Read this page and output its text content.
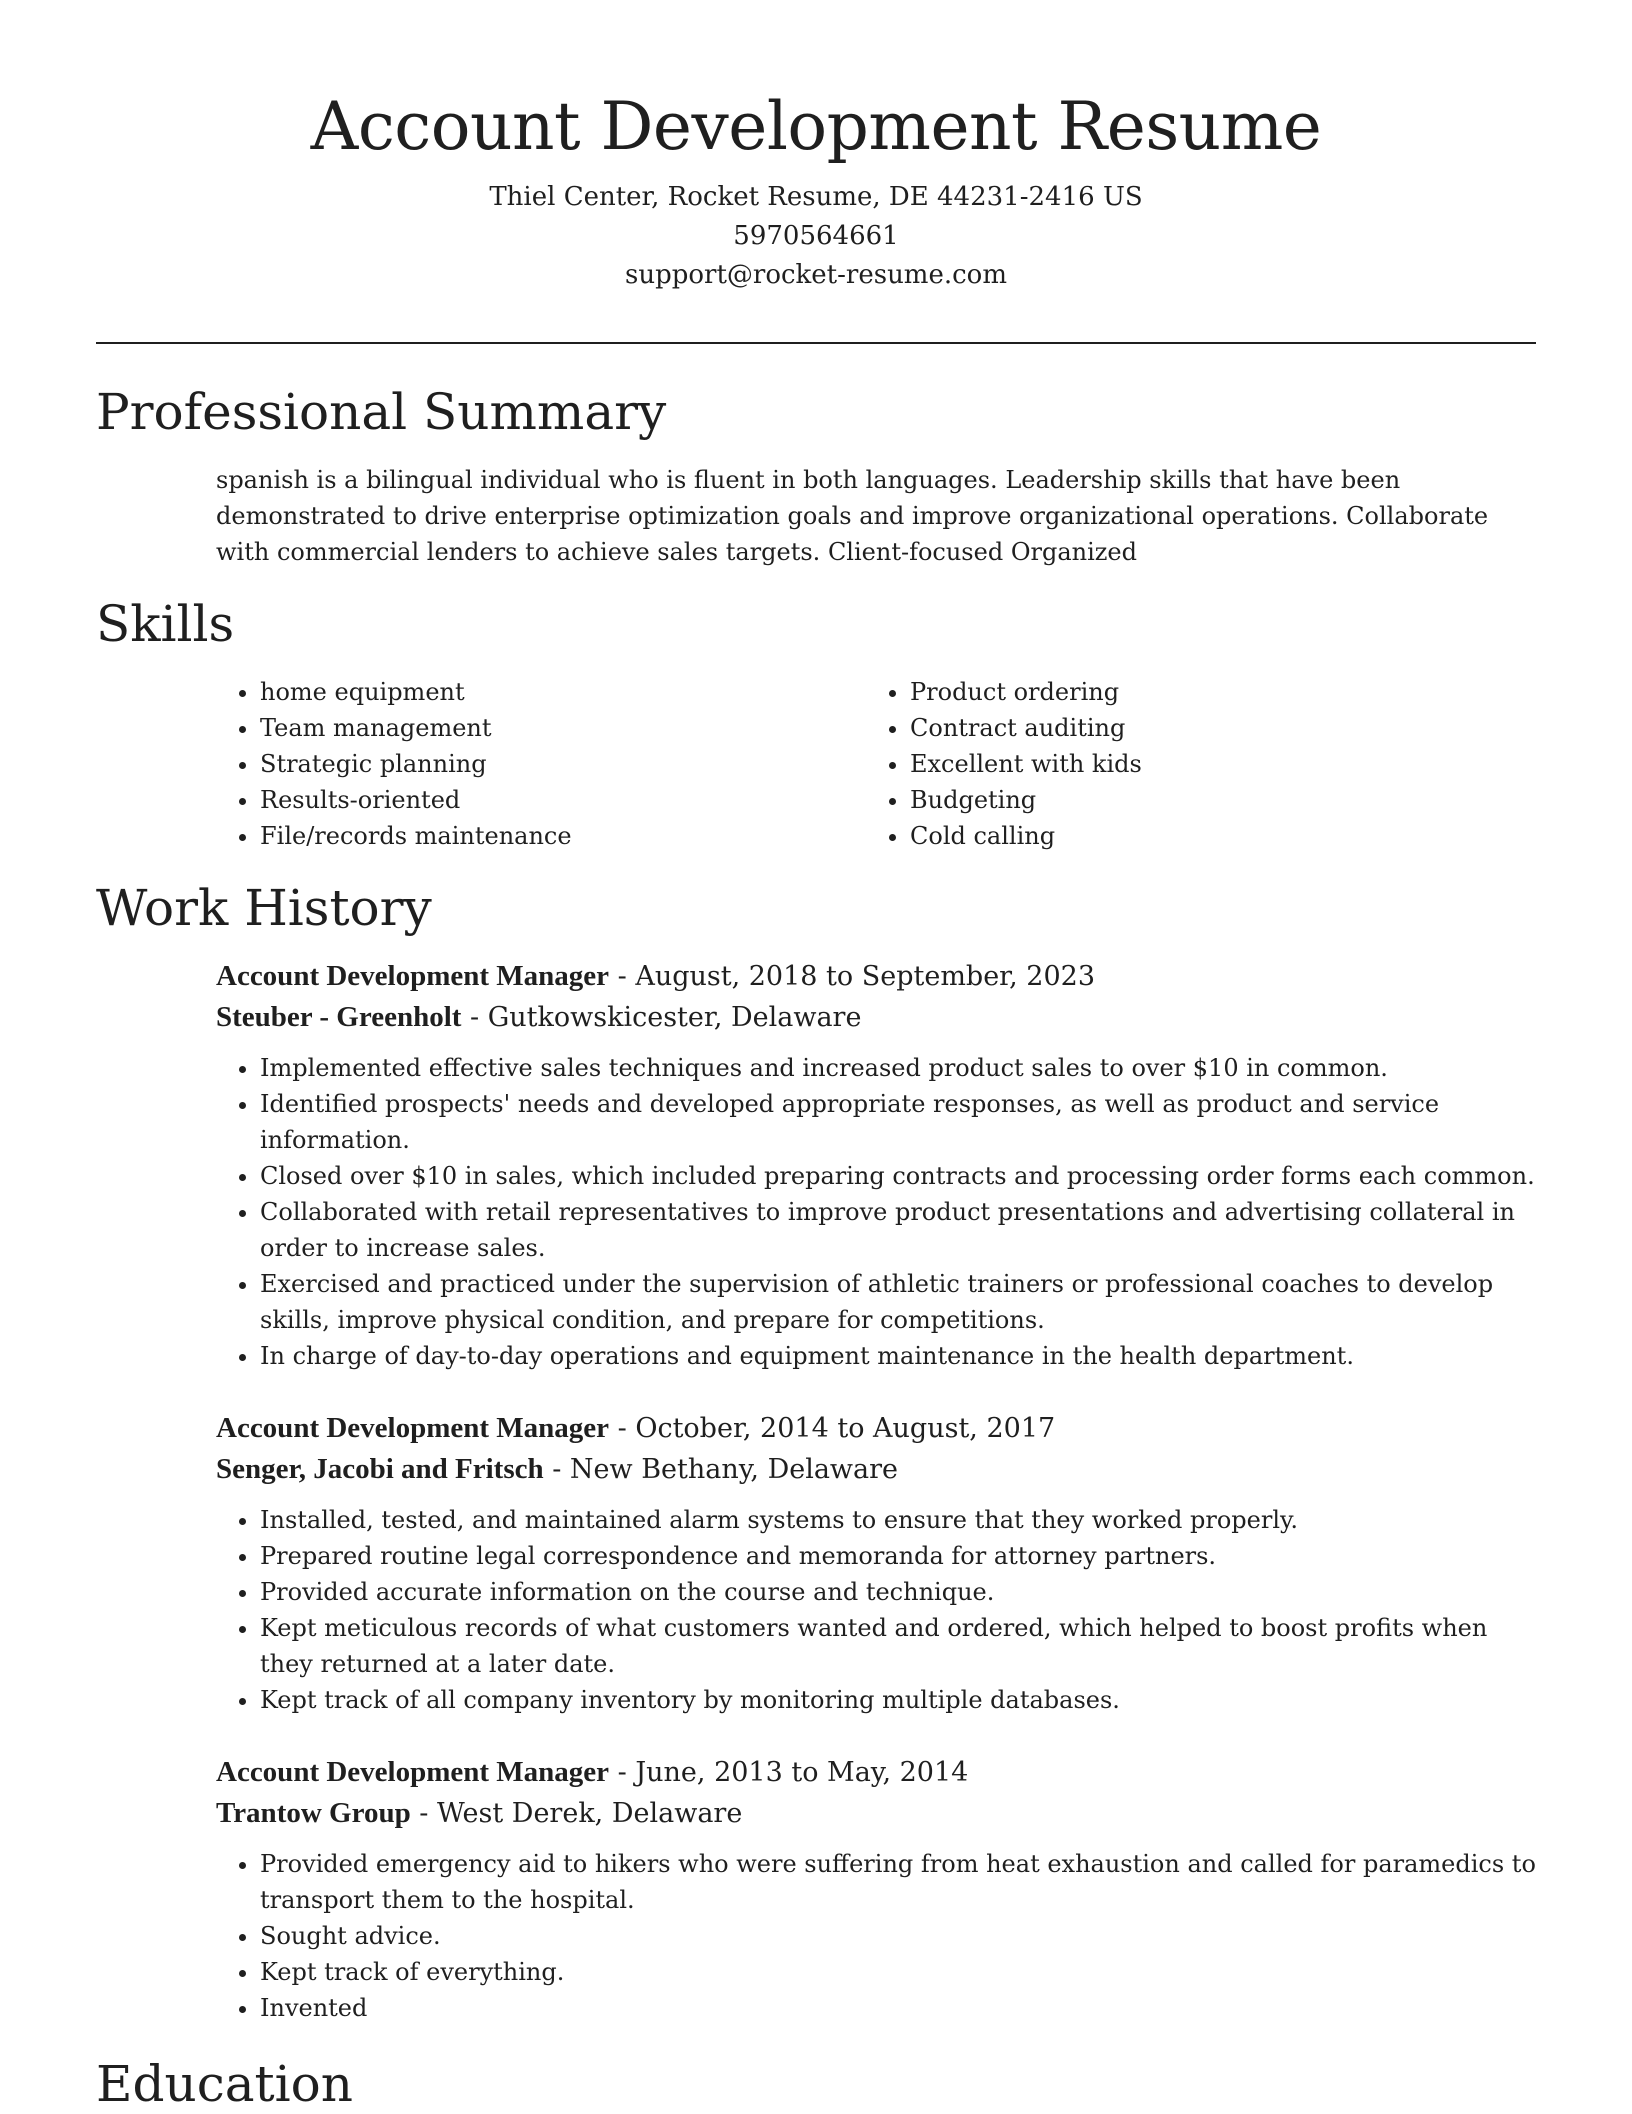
Account Development Resume
Thiel Center, Rocket Resume, DE 44231-2416 US
5970564661
support@rocket-resume.com
Professional Summary

spanish is a bilingual individual who is fluent in both languages. Leadership skills that have been demonstrated to drive enterprise optimization goals and improve organizational operations. Collaborate with commercial lenders to achieve sales targets. Client-focused Organized

Skills
• home equipment
• Team management
• Strategic planning
• Results-oriented
• File/records maintenance
• Product ordering
• Contract auditing
• Excellent with kids
• Budgeting
• Cold calling
Work History

Account Development Manager - August, 2018 to September, 2023

Steuber - Greenholt - Gutkowskicester, Delaware

• Implemented effective sales techniques and increased product sales to over $10 in common.
• Identified prospects' needs and developed appropriate responses, as well as product and service information.
• Closed over $10 in sales, which included preparing contracts and processing order forms each common.
• Collaborated with retail representatives to improve product presentations and advertising collateral in order to increase sales.
• Exercised and practiced under the supervision of athletic trainers or professional coaches to develop skills, improve physical condition, and prepare for competitions.
• In charge of day-to-day operations and equipment maintenance in the health department.

Account Development Manager - October, 2014 to August, 2017

Senger, Jacobi and Fritsch - New Bethany, Delaware

• Installed, tested, and maintained alarm systems to ensure that they worked properly.
• Prepared routine legal correspondence and memoranda for attorney partners.
• Provided accurate information on the course and technique.
• Kept meticulous records of what customers wanted and ordered, which helped to boost profits when they returned at a later date.
• Kept track of all company inventory by monitoring multiple databases.

Account Development Manager - June, 2013 to May, 2014

Trantow Group - West Derek, Delaware

• Provided emergency aid to hikers who were suffering from heat exhaustion and called for paramedics to transport them to the hospital.
• Sought advice.
• Kept track of everything.
• Invented
Education
